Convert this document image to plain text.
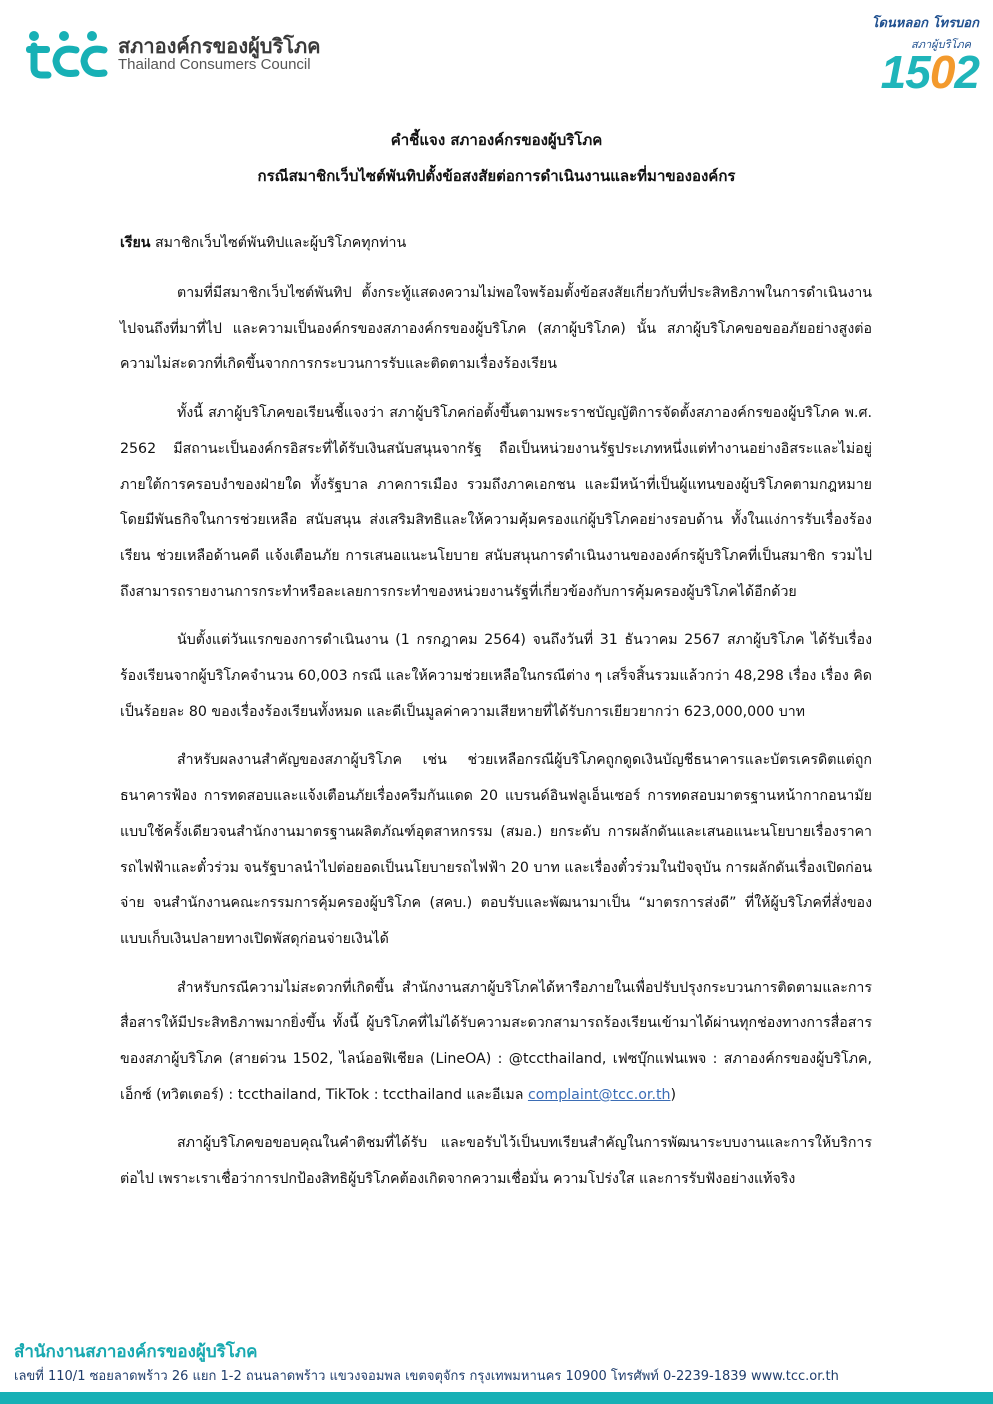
สภาองค์กรของผู้บริโภค
Thailand Consumers Council
โดนหลอก โทรบอก
สภาผู้บริโภค
1502
คำชี้แจง สภาองค์กรของผู้บริโภค
กรณีสมาชิกเว็บไซต์พันทิปตั้งข้อสงสัยต่อการดำเนินงานและที่มาขององค์กร

เรียน สมาชิกเว็บไซต์พันทิปและผู้บริโภคทุกท่าน

ตามที่มีสมาชิกเว็บไซต์พันทิป ตั้งกระทู้แสดงความไม่พอใจพร้อมตั้งข้อสงสัยเกี่ยวกับที่ประสิทธิภาพในการดำเนินงาน ไปจนถึงที่มาที่ไป และความเป็นองค์กรของสภาองค์กรของผู้บริโภค (สภาผู้บริโภค) นั้น สภาผู้บริโภคขอขออภัยอย่างสูงต่อความไม่สะดวกที่เกิดขึ้นจากการกระบวนการรับและติดตามเรื่องร้องเรียน

ทั้งนี้ สภาผู้บริโภคขอเรียนชี้แจงว่า สภาผู้บริโภคก่อตั้งขึ้นตามพระราชบัญญัติการจัดตั้งสภาองค์กรของผู้บริโภค พ.ศ. 2562 มีสถานะเป็นองค์กรอิสระที่ได้รับเงินสนับสนุนจากรัฐ ถือเป็นหน่วยงานรัฐประเภทหนึ่งแต่ทำงานอย่างอิสระและไม่อยู่ภายใต้การครอบงำของฝ่ายใด ทั้งรัฐบาล ภาคการเมือง รวมถึงภาคเอกชน และมีหน้าที่เป็นผู้แทนของผู้บริโภคตามกฎหมาย โดยมีพันธกิจในการช่วยเหลือ สนับสนุน ส่งเสริมสิทธิและให้ความคุ้มครองแก่ผู้บริโภคอย่างรอบด้าน ทั้งในแง่การรับเรื่องร้องเรียน ช่วยเหลือด้านคดี แจ้งเตือนภัย การเสนอแนะนโยบาย สนับสนุนการดำเนินงานขององค์กรผู้บริโภคที่เป็นสมาชิก รวมไปถึงสามารถรายงานการกระทำหรือละเลยการกระทำของหน่วยงานรัฐที่เกี่ยวข้องกับการคุ้มครองผู้บริโภคได้อีกด้วย

นับตั้งแต่วันแรกของการดำเนินงาน (1 กรกฎาคม 2564) จนถึงวันที่ 31 ธันวาคม 2567 สภาผู้บริโภค ได้รับเรื่องร้องเรียนจากผู้บริโภคจำนวน 60,003 กรณี และให้ความช่วยเหลือในกรณีต่าง ๆ เสร็จสิ้นรวมแล้วกว่า 48,298 เรื่อง เรื่อง คิดเป็นร้อยละ 80 ของเรื่องร้องเรียนทั้งหมด และดีเป็นมูลค่าความเสียหายที่ได้รับการเยียวยากว่า 623,000,000 บาท

สำหรับผลงานสำคัญของสภาผู้บริโภค เช่น ช่วยเหลือกรณีผู้บริโภคถูกดูดเงินบัญชีธนาคารและบัตรเครดิตแต่ถูกธนาคารฟ้อง การทดสอบและแจ้งเตือนภัยเรื่องครีมกันแดด 20 แบรนด์อินฟลูเอ็นเซอร์ การทดสอบมาตรฐานหน้ากากอนามัยแบบใช้ครั้งเดียวจนสำนักงานมาตรฐานผลิตภัณฑ์อุตสาหกรรม (สมอ.) ยกระดับ การผลักดันและเสนอแนะนโยบายเรื่องราคารถไฟฟ้าและตั๋วร่วม จนรัฐบาลนำไปต่อยอดเป็นนโยบายรถไฟฟ้า 20 บาท และเรื่องตั๋วร่วมในปัจจุบัน การผลักดันเรื่องเปิดก่อนจ่าย จนสำนักงานคณะกรรมการคุ้มครองผู้บริโภค (สคบ.) ตอบรับและพัฒนามาเป็น “มาตรการส่งดี” ที่ให้ผู้บริโภคที่สั่งของแบบเก็บเงินปลายทางเปิดพัสดุก่อนจ่ายเงินได้

สำหรับกรณีความไม่สะดวกที่เกิดขึ้น สำนักงานสภาผู้บริโภคได้หารือภายในเพื่อปรับปรุงกระบวนการติดตามและการสื่อสารให้มีประสิทธิภาพมากยิ่งขึ้น ทั้งนี้ ผู้บริโภคที่ไม่ได้รับความสะดวกสามารถร้องเรียนเข้ามาได้ผ่านทุกช่องทางการสื่อสารของสภาผู้บริโภค (สายด่วน 1502, ไลน์ออฟิเชียล (LineOA) : @tccthailand, เฟซบุ๊กแฟนเพจ : สภาองค์กรของผู้บริโภค, เอ็กซ์ (ทวิตเตอร์) : tccthailand, TikTok : tccthailand และอีเมล complaint@tcc.or.th)

สภาผู้บริโภคขอขอบคุณในคำติชมที่ได้รับ และขอรับไว้เป็นบทเรียนสำคัญในการพัฒนาระบบงานและการให้บริการต่อไป เพราะเราเชื่อว่าการปกป้องสิทธิผู้บริโภคต้องเกิดจากความเชื่อมั่น ความโปร่งใส และการรับฟังอย่างแท้จริง

สำนักงานสภาองค์กรของผู้บริโภค
เลขที่ 110/1 ซอยลาดพร้าว 26 แยก 1-2 ถนนลาดพร้าว แขวงจอมพล เขตจตุจักร กรุงเทพมหานคร 10900 โทรศัพท์ 0-2239-1839 www.tcc.or.th
